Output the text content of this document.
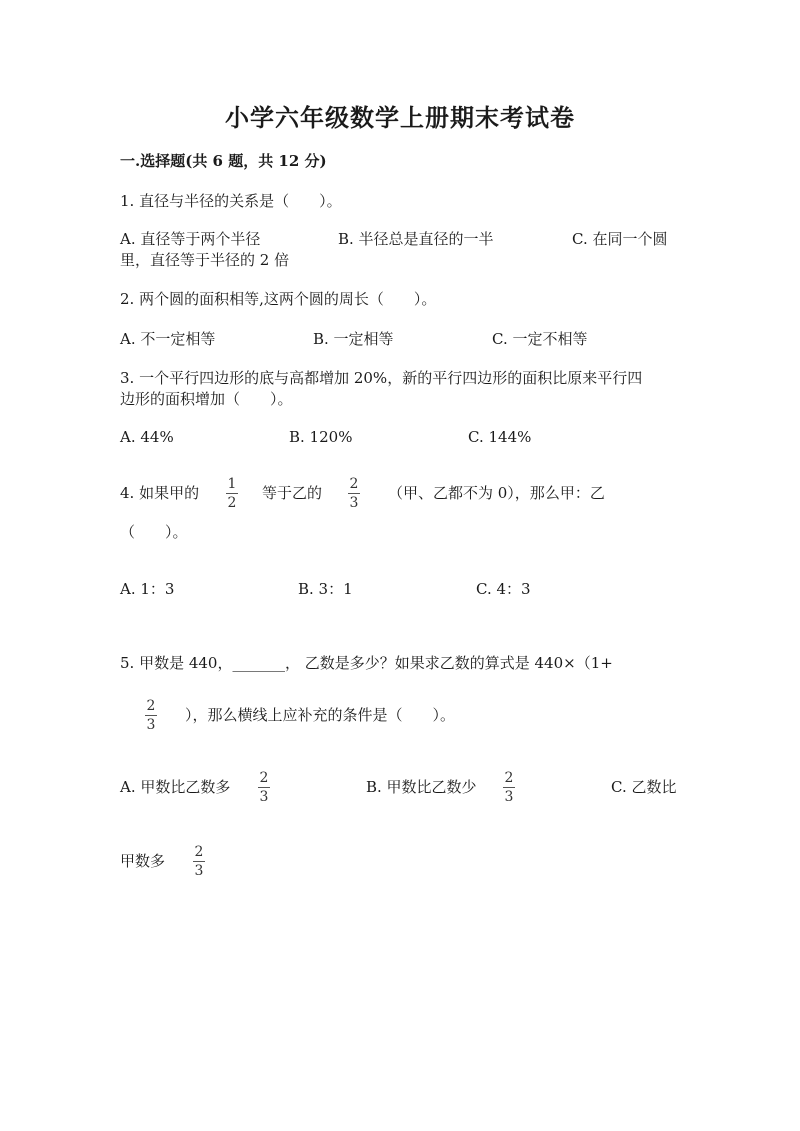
小学六年级数学上册期末考试卷
一.选择题(共 6 题，共 12 分)
1. 直径与半径的关系是（　　）。
A. 直径等于两个半径	B. 半径总是直径的一半	C. 在同一个圆
里，直径等于半径的 2 倍
2. 两个圆的面积相等,这两个圆的周长（　　）。
A. 不一定相等	B. 一定相等	C. 一定不相等
3. 一个平行四边形的底与高都增加 20%，新的平行四边形的面积比原来平行四
边形的面积增加（　　）。
A. 44%	B. 120%	C. 144%
4. 如果甲的 1
2
等于乙的 2
3
（甲、乙都不为 0），那么甲：乙
（　　）。
A. 1：3	B. 3：1	C. 4：3
5. 甲数是 440，_______， 乙数是多少？如果求乙数的算式是 440×（1+
2
3
），那么横线上应补充的条件是（　　）。
A. 甲数比乙数多 2
3
B. 甲数比乙数少 2
3
C. 乙数比
甲数多 2
3
